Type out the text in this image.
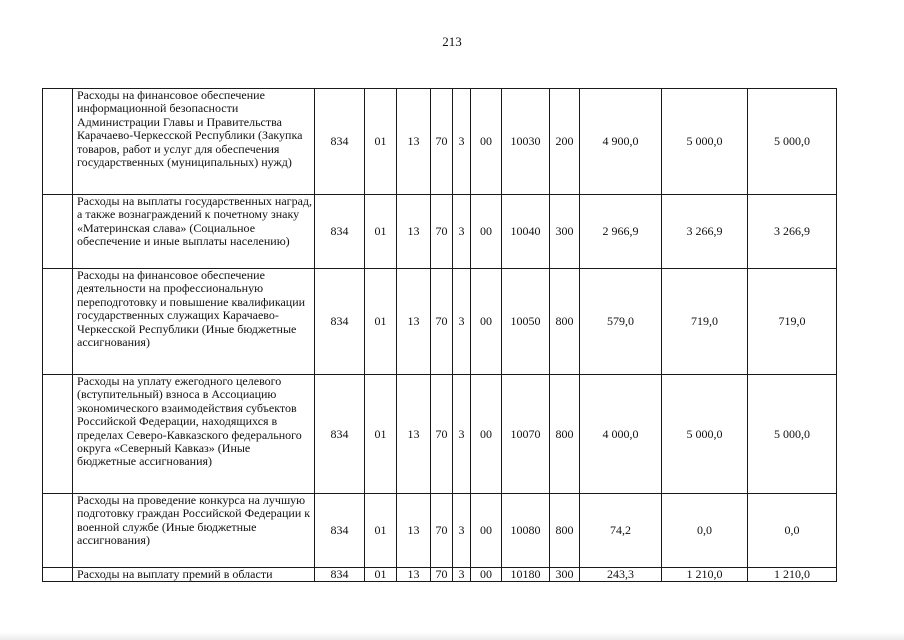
213
	Расходы на финансовое обеспечение информационной безопасности Администрации Главы и Правительства Карачаево-Черкесской Республики (Закупка товаров, работ и услуг для обеспечения государственных (муниципальных) нужд)	834	01	13	70	3	00	10030	200	4 900,0	5 000,0	5 000,0
	Расходы на выплаты государственных наград, а также вознаграждений к почетному знаку «Материнская слава» (Социальное обеспечение и иные выплаты населению)	834	01	13	70	3	00	10040	300	2 966,9	3 266,9	3 266,9
	Расходы на финансовое обеспечение деятельности на профессиональную переподготовку и повышение квалификации государственных служащих Карачаево-Черкесской Республики (Иные бюджетные ассигнования)	834	01	13	70	3	00	10050	800	579,0	719,0	719,0
	Расходы на уплату ежегодного целевого (вступительный) взноса в Ассоциацию экономического взаимодействия субъектов Российской Федерации, находящихся в пределах Северо-Кавказского федерального округа «Северный Кавказ» (Иные бюджетные ассигнования)	834	01	13	70	3	00	10070	800	4 000,0	5 000,0	5 000,0
	Расходы на проведение конкурса на лучшую подготовку граждан Российской Федерации к военной службе (Иные бюджетные ассигнования)	834	01	13	70	3	00	10080	800	74,2	0,0	0,0
	Расходы на выплату премий в области	834	01	13	70	3	00	10180	300	243,3	1 210,0	1 210,0
